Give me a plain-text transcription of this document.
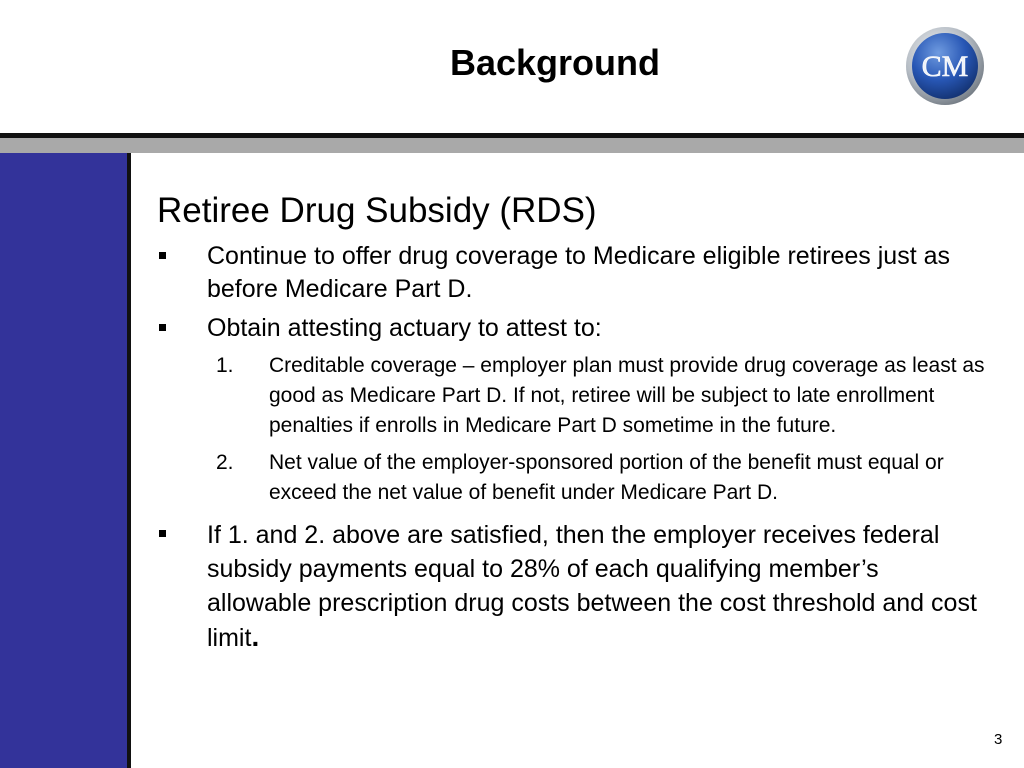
Background	CM
Retiree Drug Subsidy (RDS)
Continue to offer drug coverage to Medicare eligible retirees just as before Medicare Part D.
Obtain attesting actuary to attest to:
1. Creditable coverage – employer plan must provide drug coverage as least as good as Medicare Part D. If not, retiree will be subject to late enrollment penalties if enrolls in Medicare Part D sometime in the future.
2. Net value of the employer-sponsored portion of the benefit must equal or exceed the net value of benefit under Medicare Part D.
If 1. and 2. above are satisfied, then the employer receives federal subsidy payments equal to 28% of each qualifying member’s allowable prescription drug costs between the cost threshold and cost limit.
3
